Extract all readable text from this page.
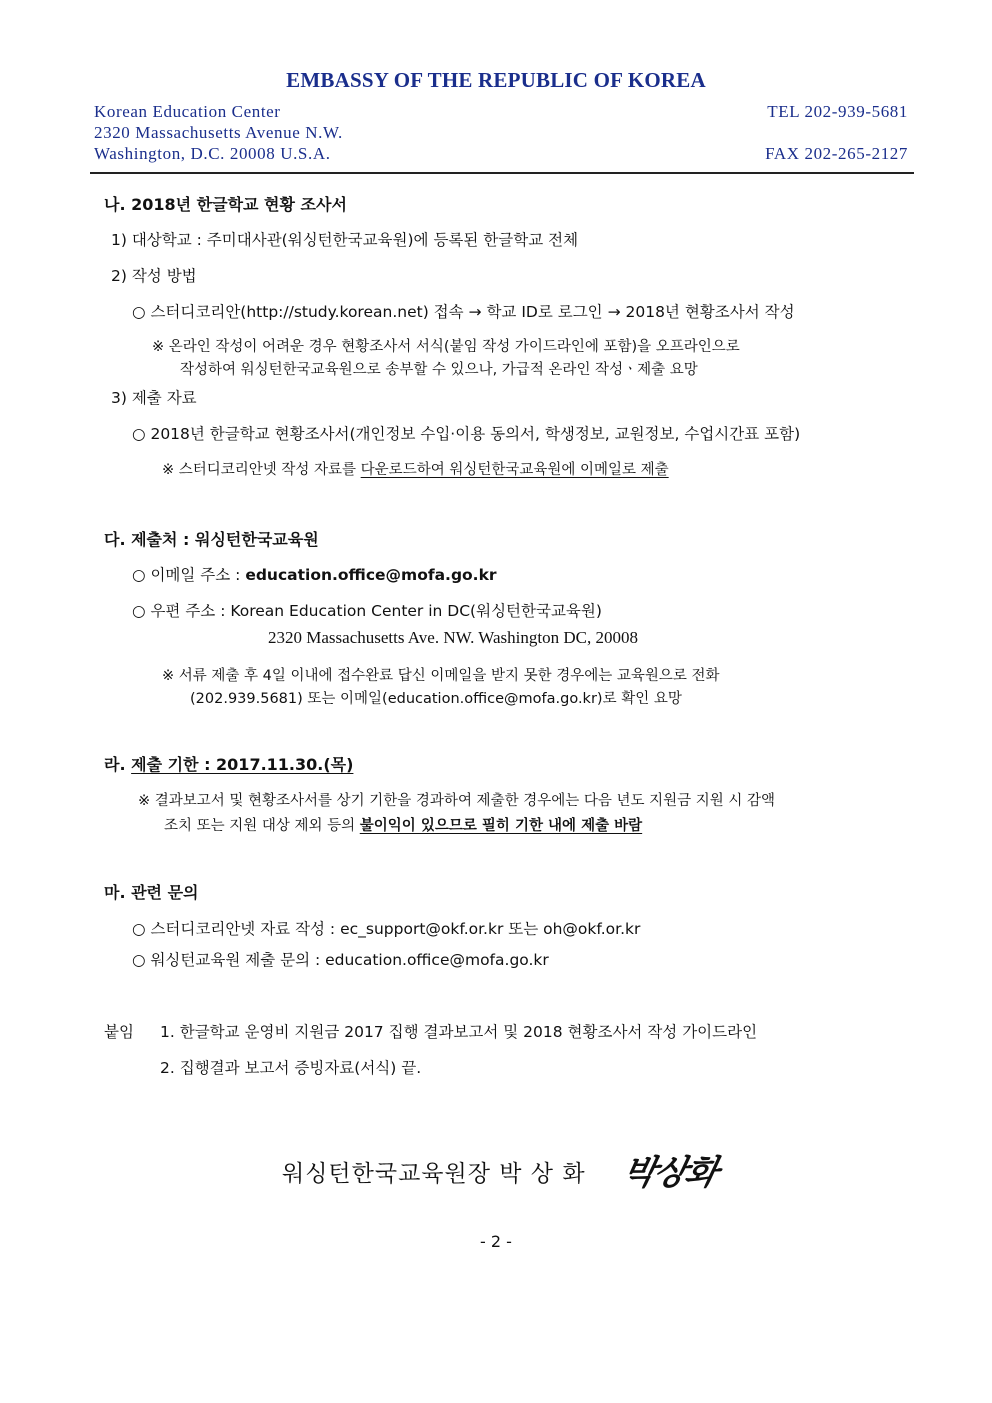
EMBASSY OF THE REPUBLIC OF KOREA
Korean Education Center
2320 Massachusetts Avenue N.W.
Washington, D.C. 20008 U.S.A.
TEL 202-939-5681
FAX 202-265-2127
나. 2018년 한글학교 현황 조사서
1) 대상학교 : 주미대사관(워싱턴한국교육원)에 등록된 한글학교 전체
2) 작성 방법
○ 스터디코리안(http://study.korean.net) 접속 → 학교 ID로 로그인 → 2018년 현황조사서 작성
※ 온라인 작성이 어려운 경우 현황조사서 서식(붙임 작성 가이드라인에 포함)을 오프라인으로
작성하여 워싱턴한국교육원으로 송부할 수 있으나, 가급적 온라인 작성ㆍ제출 요망
3) 제출 자료
○ 2018년 한글학교 현황조사서(개인정보 수입·이용 동의서, 학생정보, 교원정보, 수업시간표 포함)
※ 스터디코리안넷 작성 자료를 다운로드하여 워싱턴한국교육원에 이메일로 제출
다. 제출처 : 워싱턴한국교육원
○ 이메일 주소 : education.office@mofa.go.kr
○ 우편 주소 : Korean Education Center in DC(워싱턴한국교육원)
2320 Massachusetts Ave. NW. Washington DC, 20008
※ 서류 제출 후 4일 이내에 접수완료 답신 이메일을 받지 못한 경우에는 교육원으로 전화
(202.939.5681) 또는 이메일(education.office@mofa.go.kr)로 확인 요망
라. 제출 기한 : 2017.11.30.(목)
※ 결과보고서 및 현황조사서를 상기 기한을 경과하여 제출한 경우에는 다음 년도 지원금 지원 시 감액
조치 또는 지원 대상 제외 등의 불이익이 있으므로 필히 기한 내에 제출 바람
마. 관련 문의
○ 스터디코리안넷 자료 작성 : ec_support@okf.or.kr 또는 oh@okf.or.kr
○ 워싱턴교육원 제출 문의 : education.office@mofa.go.kr
붙임 1. 한글학교 운영비 지원금 2017 집행 결과보고서 및 2018 현황조사서 작성 가이드라인
2. 집행결과 보고서 증빙자료(서식) 끝.
워싱턴한국교육원장 박 상 화 박상화
- 2 -
